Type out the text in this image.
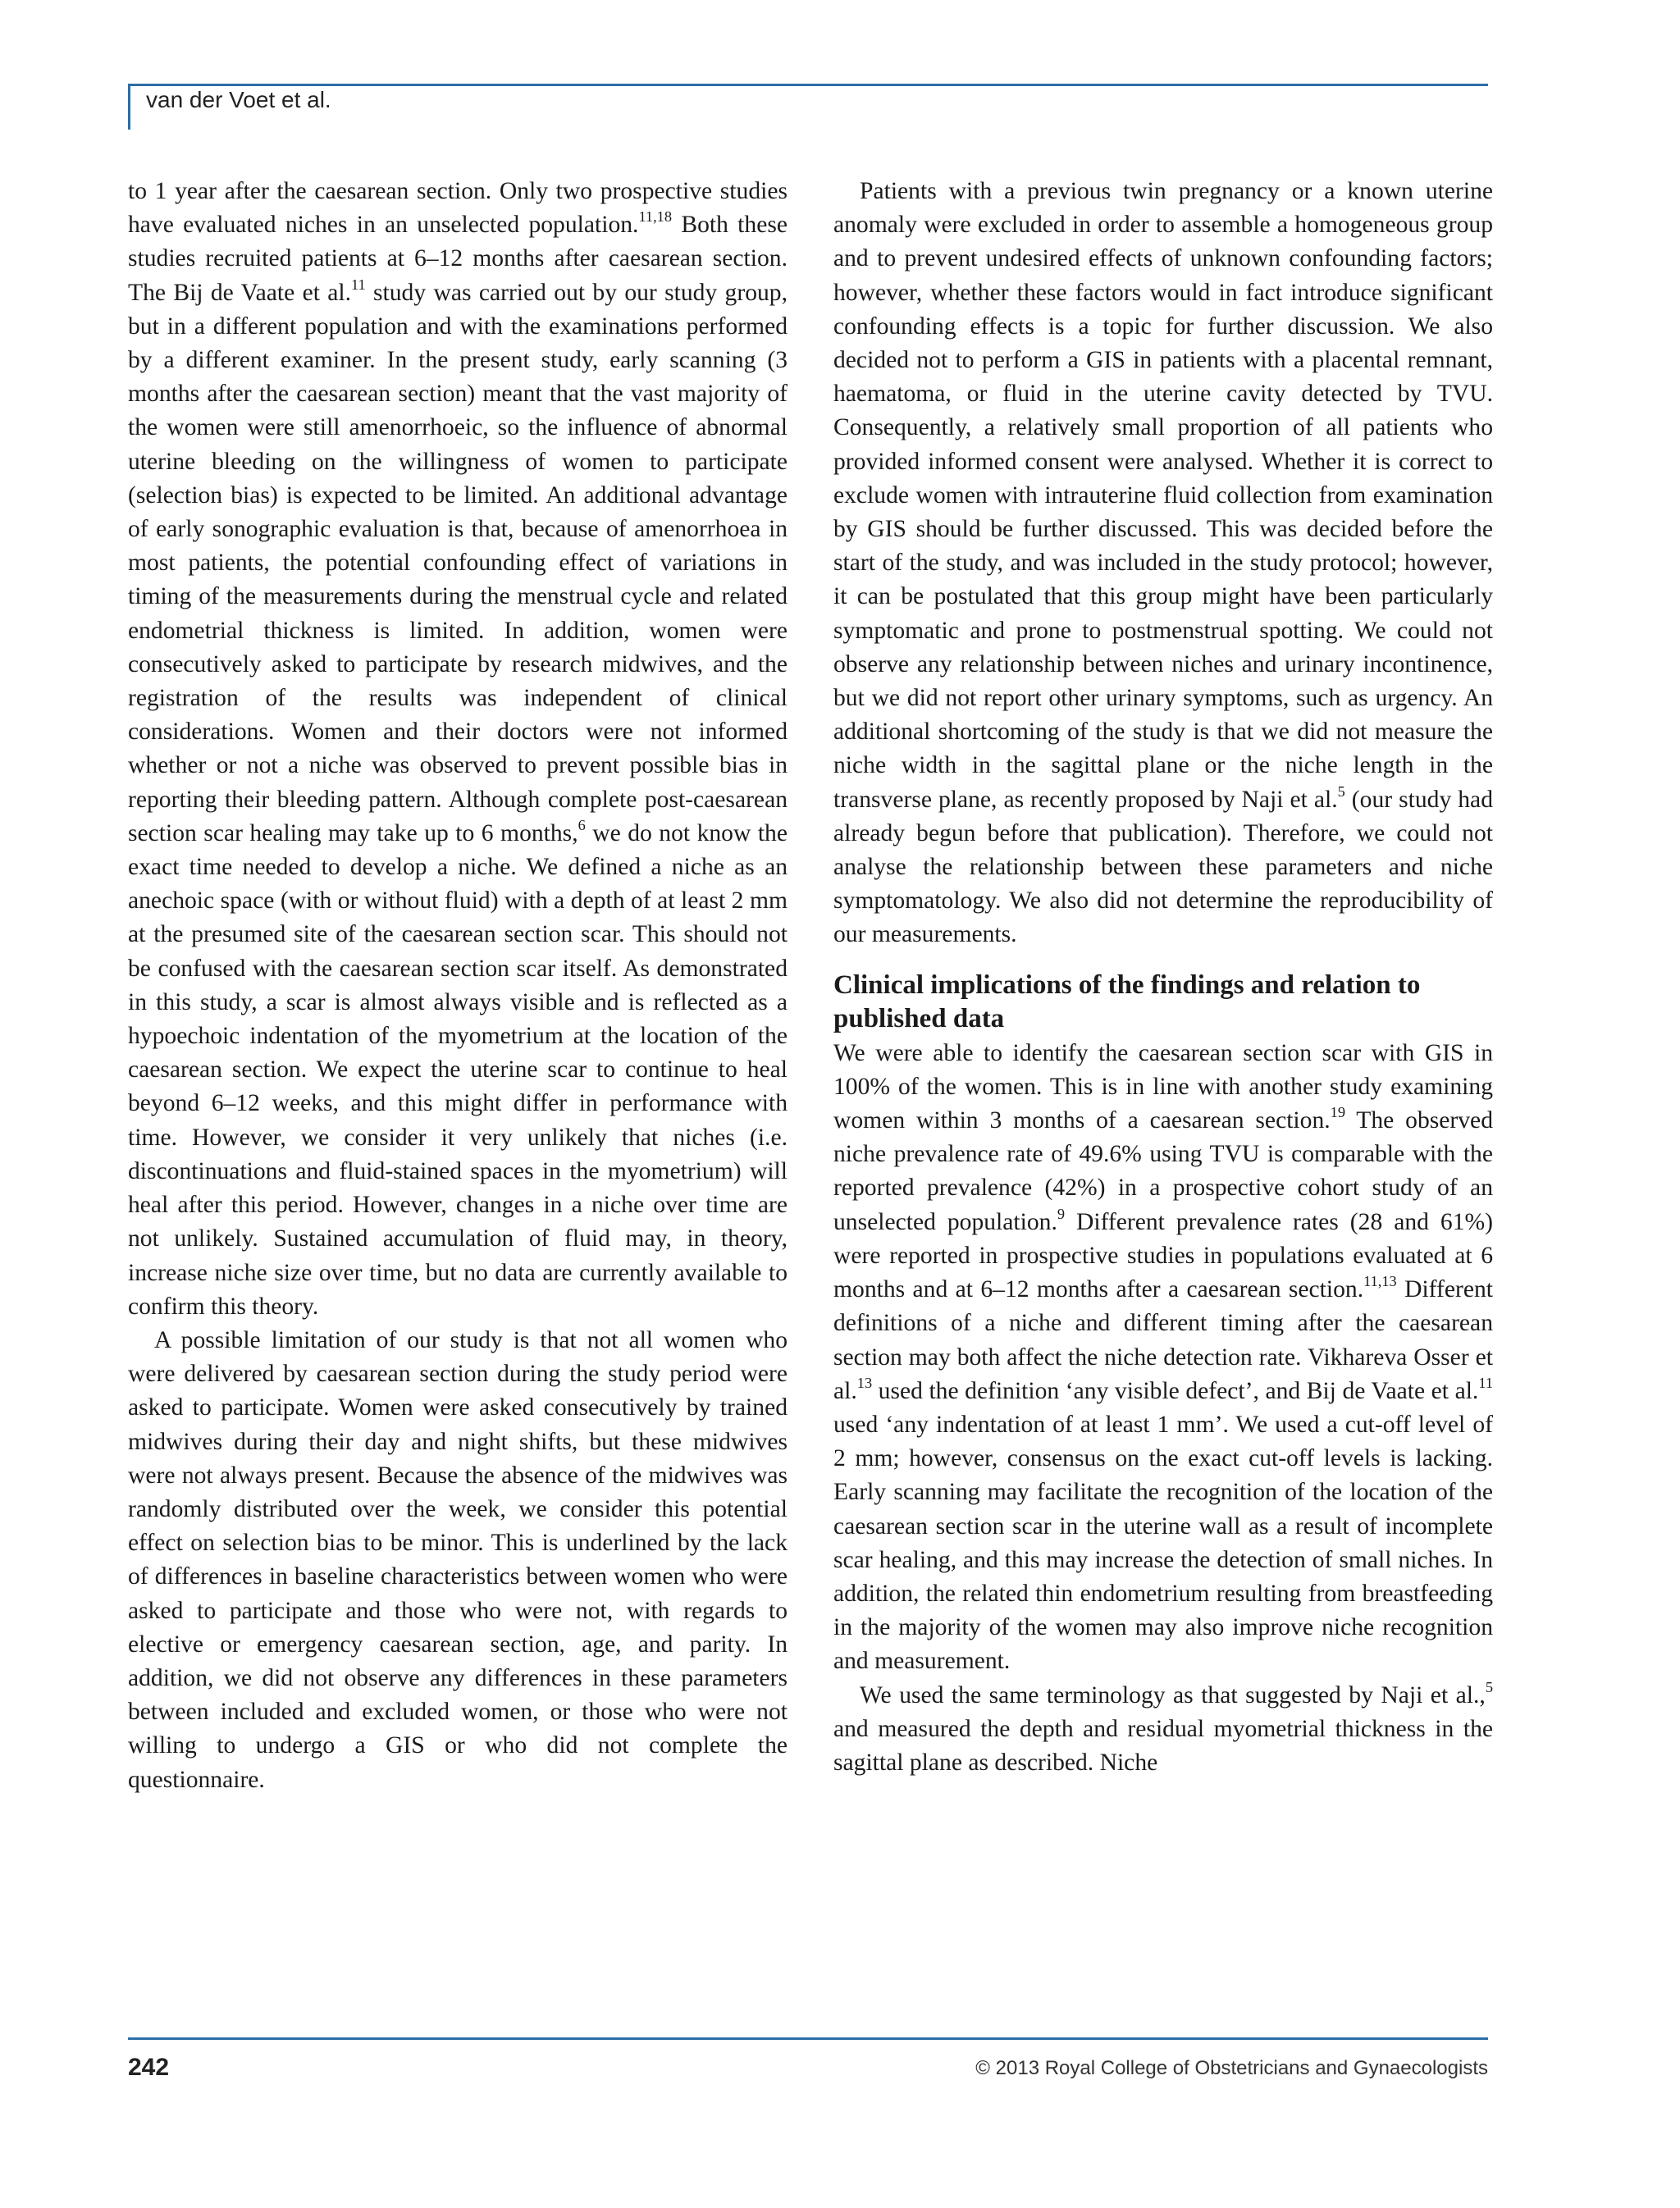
van der Voet et al.

to 1 year after the caesarean section. Only two prospective studies have evaluated niches in an unselected population.$^{11,18}$ Both these studies recruited patients at 6–12 months after caesarean section. The Bij de Vaate et al.$^{11}$ study was carried out by our study group, but in a different population and with the examinations performed by a different examiner. In the present study, early scanning (3 months after the caesarean section) meant that the vast majority of the women were still amenorrhoeic, so the influence of abnormal uterine bleeding on the willingness of women to participate (selection bias) is expected to be limited. An additional advantage of early sonographic evaluation is that, because of amenorrhoea in most patients, the potential confounding effect of variations in timing of the measurements during the menstrual cycle and related endometrial thickness is limited. In addition, women were consecutively asked to participate by research midwives, and the registration of the results was independent of clinical considerations. Women and their doctors were not informed whether or not a niche was observed to prevent possible bias in reporting their bleeding pattern. Although complete post-caesarean section scar healing may take up to 6 months,$^6$ we do not know the exact time needed to develop a niche. We defined a niche as an anechoic space (with or without fluid) with a depth of at least 2 mm at the presumed site of the caesarean section scar. This should not be confused with the caesarean section scar itself. As demonstrated in this study, a scar is almost always visible and is reflected as a hypoechoic indentation of the myometrium at the location of the caesarean section. We expect the uterine scar to continue to heal beyond 6–12 weeks, and this might differ in performance with time. However, we consider it very unlikely that niches (i.e. discontinuations and fluid-stained spaces in the myometrium) will heal after this period. However, changes in a niche over time are not unlikely. Sustained accumulation of fluid may, in theory, increase niche size over time, but no data are currently available to confirm this theory.

A possible limitation of our study is that not all women who were delivered by caesarean section during the study period were asked to participate. Women were asked consecutively by trained midwives during their day and night shifts, but these midwives were not always present. Because the absence of the midwives was randomly distributed over the week, we consider this potential effect on selection bias to be minor. This is underlined by the lack of differences in baseline characteristics between women who were asked to participate and those who were not, with regards to elective or emergency caesarean section, age, and parity. In addition, we did not observe any differences in these parameters between included and excluded women, or those who were not willing to undergo a GIS or who did not complete the questionnaire.

Patients with a previous twin pregnancy or a known uterine anomaly were excluded in order to assemble a homogeneous group and to prevent undesired effects of unknown confounding factors; however, whether these factors would in fact introduce significant confounding effects is a topic for further discussion. We also decided not to perform a GIS in patients with a placental remnant, haematoma, or fluid in the uterine cavity detected by TVU. Consequently, a relatively small proportion of all patients who provided informed consent were analysed. Whether it is correct to exclude women with intrauterine fluid collection from examination by GIS should be further discussed. This was decided before the start of the study, and was included in the study protocol; however, it can be postulated that this group might have been particularly symptomatic and prone to postmenstrual spotting. We could not observe any relationship between niches and urinary incontinence, but we did not report other urinary symptoms, such as urgency. An additional shortcoming of the study is that we did not measure the niche width in the sagittal plane or the niche length in the transverse plane, as recently proposed by Naji et al.$^5$ (our study had already begun before that publication). Therefore, we could not analyse the relationship between these parameters and niche symptomatology. We also did not determine the reproducibility of our measurements.

Clinical implications of the findings and relation to published data

We were able to identify the caesarean section scar with GIS in 100% of the women. This is in line with another study examining women within 3 months of a caesarean section.$^{19}$ The observed niche prevalence rate of 49.6% using TVU is comparable with the reported prevalence (42%) in a prospective cohort study of an unselected population.$^9$ Different prevalence rates (28 and 61%) were reported in prospective studies in populations evaluated at 6 months and at 6–12 months after a caesarean section.$^{11,13}$ Different definitions of a niche and different timing after the caesarean section may both affect the niche detection rate. Vikhareva Osser et al.$^{13}$ used the definition ‘any visible defect’, and Bij de Vaate et al.$^{11}$ used ‘any indentation of at least 1 mm’. We used a cut-off level of 2 mm; however, consensus on the exact cut-off levels is lacking. Early scanning may facilitate the recognition of the location of the caesarean section scar in the uterine wall as a result of incomplete scar healing, and this may increase the detection of small niches. In addition, the related thin endometrium resulting from breastfeeding in the majority of the women may also improve niche recognition and measurement.

We used the same terminology as that suggested by Naji et al.,$^5$ and measured the depth and residual myometrial thickness in the sagittal plane as described. Niche

242	© 2013 Royal College of Obstetricians and Gynaecologists
